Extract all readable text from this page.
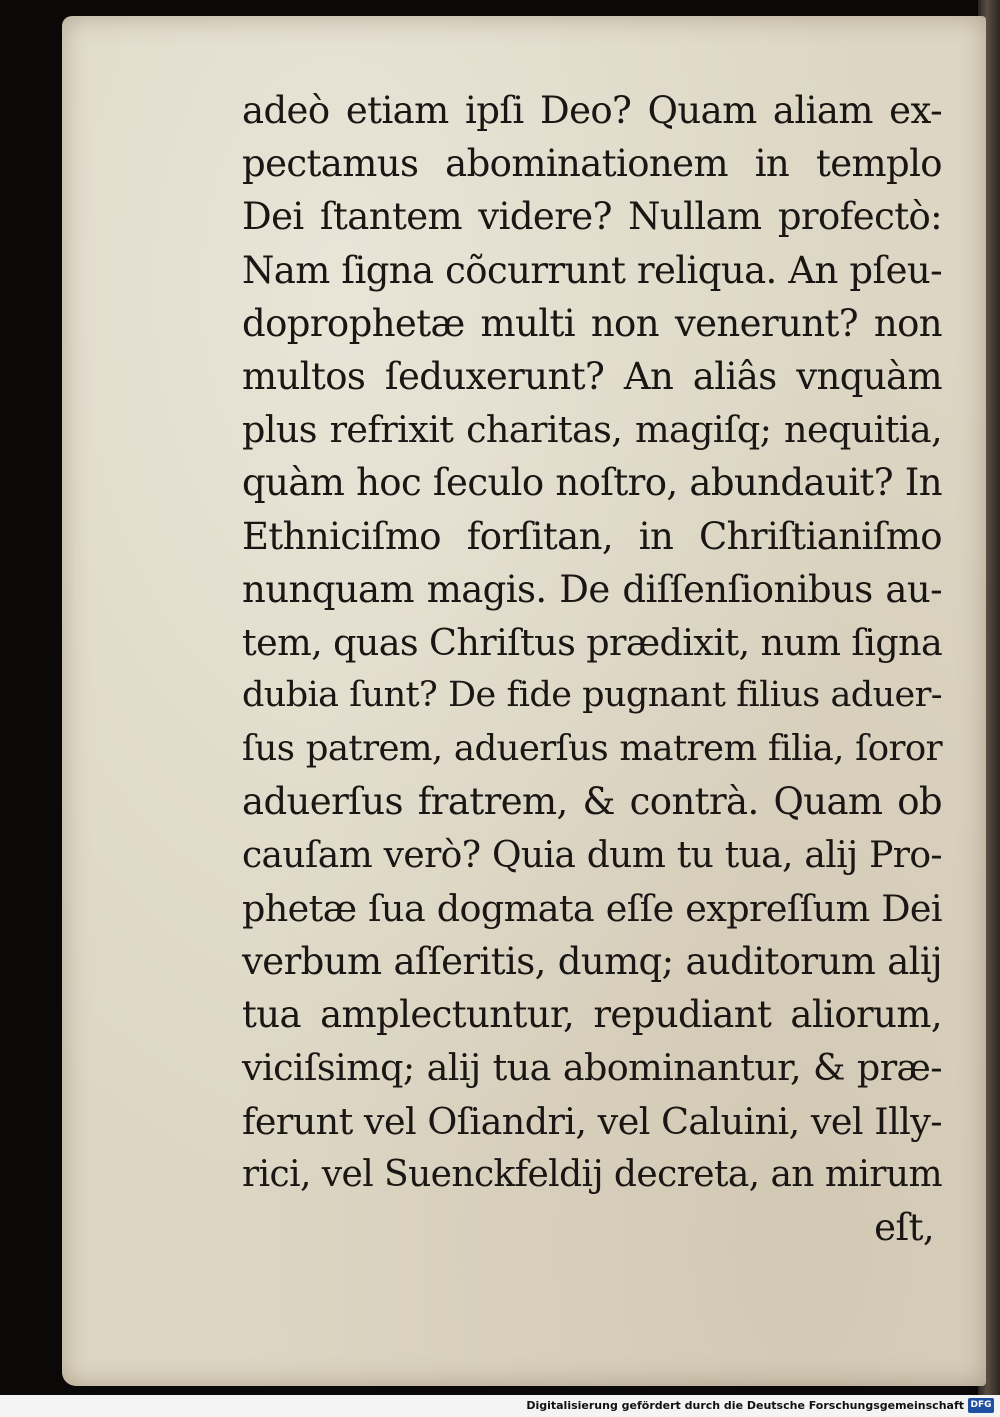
adeò etiam ipſi Deo? Quam aliam ex-
pectamus abominationem in templo
Dei ſtantem videre? Nullam profectò:
Nam ſigna cõcurrunt reliqua. An pſeu-
doprophetæ multi non venerunt? non
multos ſeduxerunt? An aliâs vnquàm
plus refrixit charitas, magiſq; nequitia,
quàm hoc ſeculo noſtro, abundauit? In
Ethniciſmo forſitan, in Chriſtianiſmo
nunquam magis. De diſſenſionibus au-
tem, quas Chriſtus prædixit, num ſigna
dubia ſunt? De fide pugnant filius aduer-
ſus patrem, aduerſus matrem filia, ſoror
aduerſus fratrem, & contrà. Quam ob
cauſam verò? Quia dum tu tua, alij Pro-
phetæ ſua dogmata eſſe expreſſum Dei
verbum aſſeritis, dumq; auditorum alij
tua amplectuntur, repudiant aliorum,
viciſsimq; alij tua abominantur, & præ-
ferunt vel Oſiandri, vel Caluini, vel Illy-
rici, vel Suenckfeldij decreta, an mirum
eſt,
Digitalisierung gefördert durch die Deutsche Forschungsgemeinschaft DFG
